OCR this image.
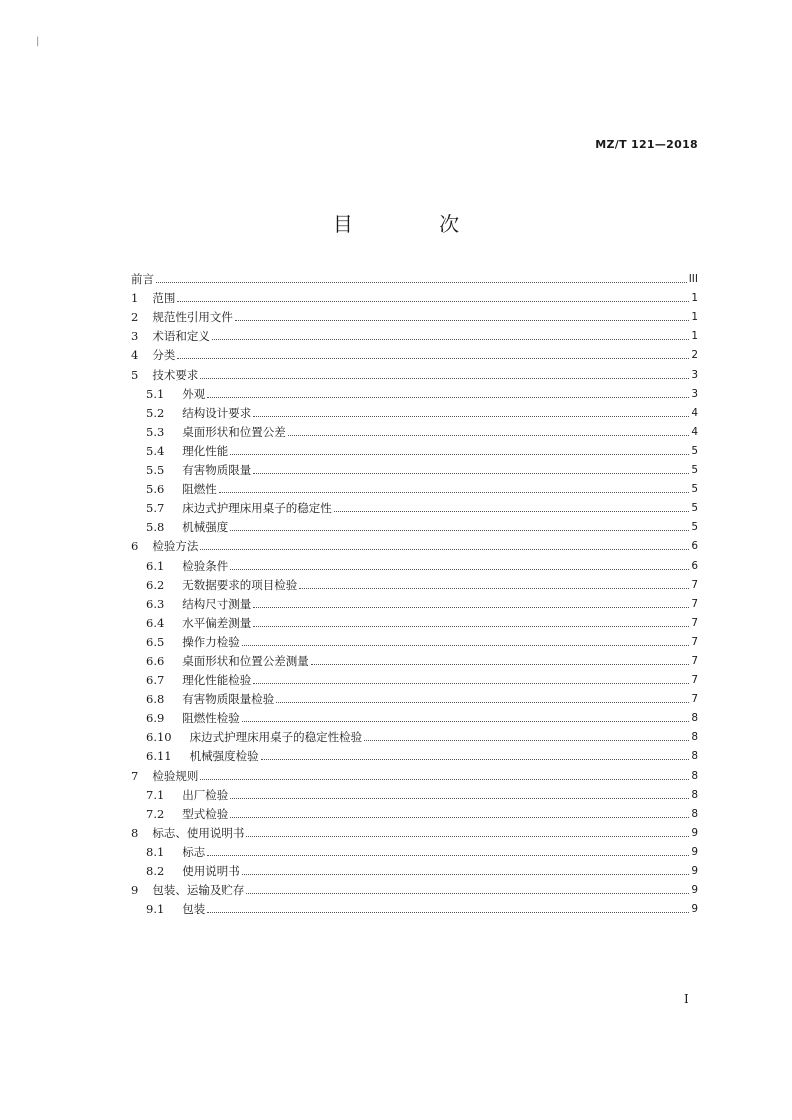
|
MZ/T 121—2018
目 次
前言	III
1 范围	1
2 规范性引用文件	1
3 术语和定义	1
4 分类	2
5 技术要求	3
5.1 外观	3
5.2 结构设计要求	4
5.3 桌面形状和位置公差	4
5.4 理化性能	5
5.5 有害物质限量	5
5.6 阻燃性	5
5.7 床边式护理床用桌子的稳定性	5
5.8 机械强度	5
6 检验方法	6
6.1 检验条件	6
6.2 无数据要求的项目检验	7
6.3 结构尺寸测量	7
6.4 水平偏差测量	7
6.5 操作力检验	7
6.6 桌面形状和位置公差测量	7
6.7 理化性能检验	7
6.8 有害物质限量检验	7
6.9 阻燃性检验	8
6.10 床边式护理床用桌子的稳定性检验	8
6.11 机械强度检验	8
7 检验规则	8
7.1 出厂检验	8
7.2 型式检验	8
8 标志、使用说明书	9
8.1 标志	9
8.2 使用说明书	9
9 包装、运输及贮存	9
9.1 包装	9
I
